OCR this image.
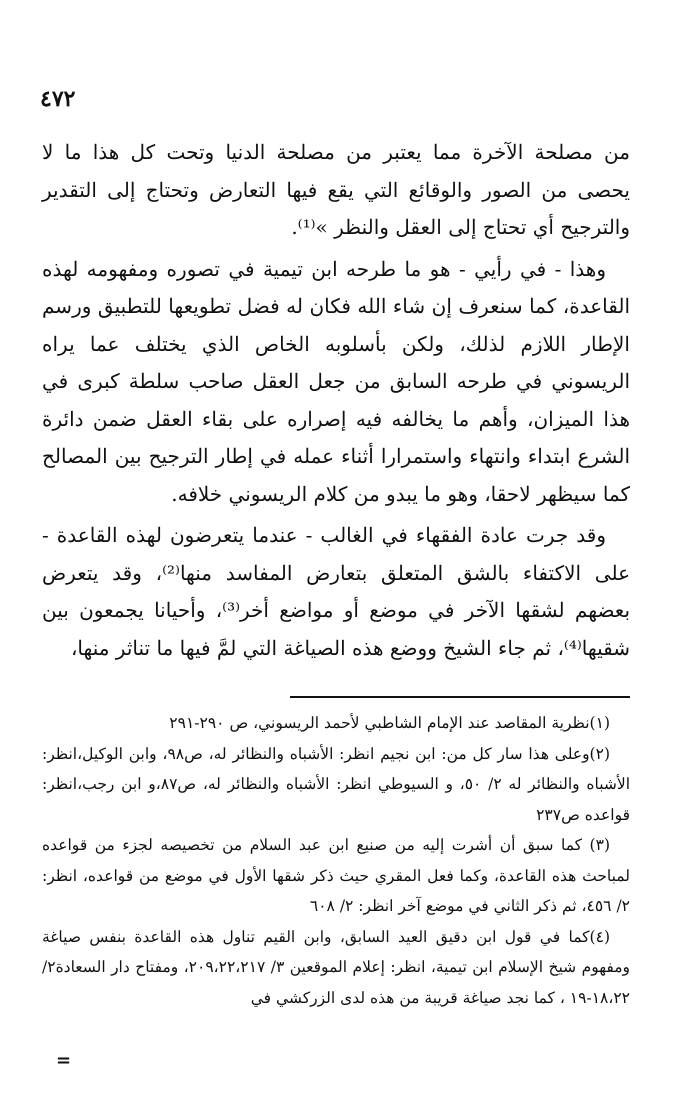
٤٧٢

من مصلحة الآخرة مما يعتبر من مصلحة الدنيا وتحت كل هذا ما لا يحصى من الصور والوقائع التي يقع فيها التعارض وتحتاج إلى التقدير والترجيح أي تحتاج إلى العقل والنظر »⁽¹⁾.

وهذا - في رأيي - هو ما طرحه ابن تيمية في تصوره ومفهومه لهذه القاعدة، كما سنعرف إن شاء الله فكان له فضل تطويعها للتطبيق ورسم الإطار اللازم لذلك، ولكن بأسلوبه الخاص الذي يختلف عما يراه الريسوني في طرحه السابق من جعل العقل صاحب سلطة كبرى في هذا الميزان، وأهم ما يخالفه فيه إصراره على بقاء العقل ضمن دائرة الشرع ابتداء وانتهاء واستمرارا أثناء عمله في إطار الترجيح بين المصالح كما سيظهر لاحقا، وهو ما يبدو من كلام الريسوني خلافه.

وقد جرت عادة الفقهاء في الغالب - عندما يتعرضون لهذه القاعدة - على الاكتفاء بالشق المتعلق بتعارض المفاسد منها⁽²⁾، وقد يتعرض بعضهم لشقها الآخر في موضع أو مواضع أخر⁽³⁾، وأحيانا يجمعون بين شقيها⁽⁴⁾، ثم جاء الشيخ ووضع هذه الصياغة التي لمَّ فيها ما تناثر منها،

(١)نظرية المقاصد عند الإمام الشاطبي لأحمد الريسوني، ص ٢٩٠-٢٩١

(٢)وعلى هذا سار كل من: ابن نجيم انظر: الأشباه والنظائر له، ص٩٨، وابن الوكيل،انظر: الأشباه والنظائر له ٢/ ٥٠، و السيوطي انظر: الأشباه والنظائر له، ص٨٧،و ابن رجب،انظر: قواعده ص٢٣٧

(٣) كما سبق أن أشرت إليه من صنيع ابن عبد السلام من تخصيصه لجزء من قواعده لمباحث هذه القاعدة، وكما فعل المقري حيث ذكر شقها الأول في موضع من قواعده، انظر: ٢/ ٤٥٦، ثم ذكر الثاني في موضع آخر انظر: ٢/ ٦٠٨

(٤)كما في قول ابن دقيق العيد السابق، وابن القيم تناول هذه القاعدة بنفس صياغة ومفهوم شيخ الإسلام ابن تيمية، انظر: إعلام الموقعين ٣/ ٢٠٩،٢٢،٢١٧، ومفتاح دار السعادة٢/ ١٨،٢٢-١٩ ، كما نجد صياغة قريبة من هذه لدى الزركشي في

=
